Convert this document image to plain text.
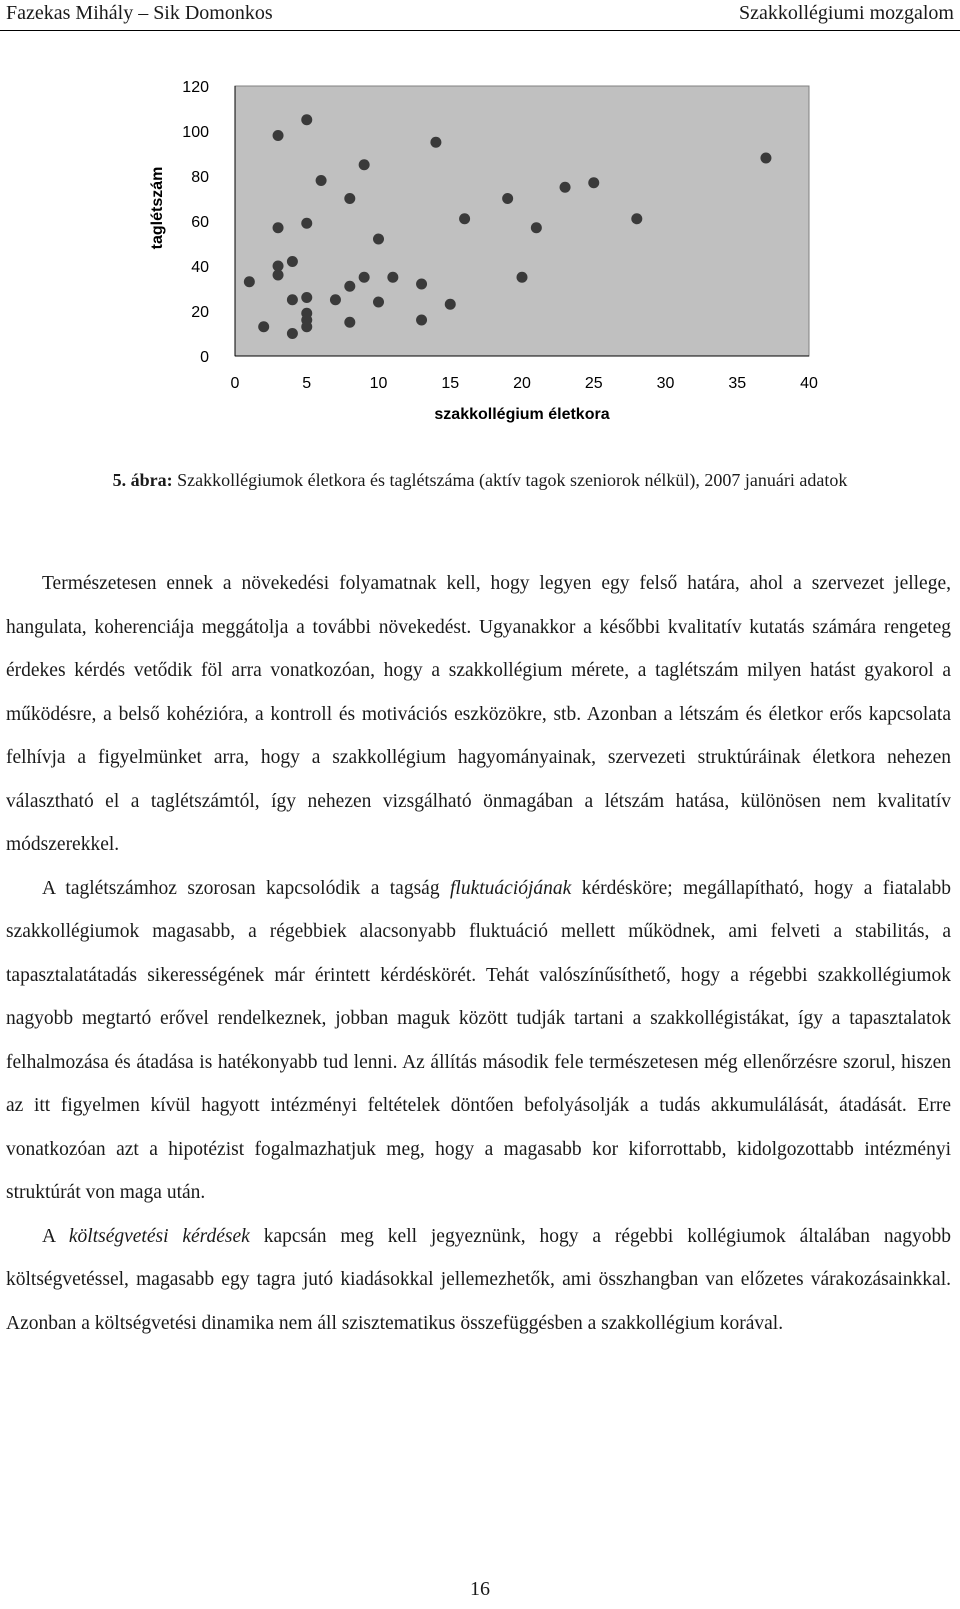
Fazekas Mihály – Sik Domonkos	Szakkollégiumi mozgalom
0
20
40
60
80
100
120
0	5	10	15	20	25	30	35	40
szakkollégium életkora
taglétszám
5. ábra: Szakkollégiumok életkora és taglétszáma (aktív tagok szeniorok nélkül), 2007 januári adatok

Természetesen ennek a növekedési folyamatnak kell, hogy legyen egy felső határa, ahol a szervezet jellege, hangulata, koherenciája meggátolja a további növekedést. Ugyanakkor a későbbi kvalitatív kutatás számára rengeteg érdekes kérdés vetődik föl arra vonatkozóan, hogy a szakkollégium mérete, a taglétszám milyen hatást gyakorol a működésre, a belső kohézióra, a kontroll és motivációs eszközökre, stb. Azonban a létszám és életkor erős kapcsolata felhívja a figyelmünket arra, hogy a szakkollégium hagyományainak, szervezeti struktúráinak életkora nehezen választható el a taglétszámtól, így nehezen vizsgálható önmagában a létszám hatása, különösen nem kvalitatív módszerekkel.

A taglétszámhoz szorosan kapcsolódik a tagság fluktuációjának kérdésköre; megállapítható, hogy a fiatalabb szakkollégiumok magasabb, a régebbiek alacsonyabb fluktuáció mellett működnek, ami felveti a stabilitás, a tapasztalatátadás sikerességének már érintett kérdéskörét. Tehát valószínűsíthető, hogy a régebbi szakkollégiumok nagyobb megtartó erővel rendelkeznek, jobban maguk között tudják tartani a szakkollégistákat, így a tapasztalatok felhalmozása és átadása is hatékonyabb tud lenni. Az állítás második fele természetesen még ellenőrzésre szorul, hiszen az itt figyelmen kívül hagyott intézményi feltételek döntően befolyásolják a tudás akkumulálását, átadását. Erre vonatkozóan azt a hipotézist fogalmazhatjuk meg, hogy a magasabb kor kiforrottabb, kidolgozottabb intézményi struktúrát von maga után.

A költségvetési kérdések kapcsán meg kell jegyeznünk, hogy a régebbi kollégiumok általában nagyobb költségvetéssel, magasabb egy tagra jutó kiadásokkal jellemezhetők, ami összhangban van előzetes várakozásainkkal. Azonban a költségvetési dinamika nem áll szisztematikus összefüggésben a szakkollégium korával.

16
